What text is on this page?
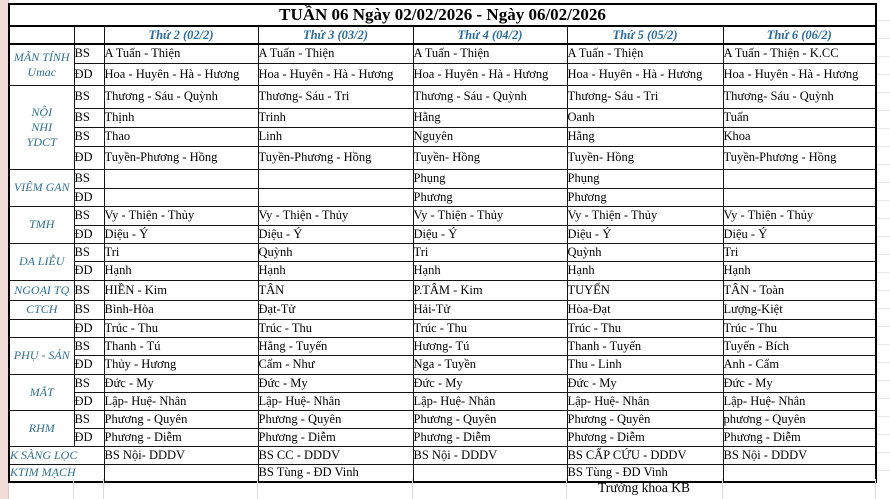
TUẦN 06 Ngày 02/02/2026 - Ngày 06/02/2026						
		Thứ 2 (02/2)	Thứ 3 (03/2)	Thứ 4 (04/2)	Thứ 5 (05/2)	Thứ 6 (06/2)

MÃN TÍNH
Umac	BS	A Tuấn - Thiện	A Tuấn - Thiện	A Tuấn - Thiện	A Tuấn - Thiện	A Tuấn - Thiện - K.CC
	ĐD	Hoa - Huyên - Hà - Hương	Hoa - Huyên - Hà - Hương	Hoa - Huyên - Hà - Hương	Hoa - Huyên - Hà - Hương	Hoa - Huyên - Hà - Hương

NỘI
NHI
YDCT	BS	Thương - Sáu - Quỳnh	Thương- Sáu - Tri	Thương - Sáu - Quỳnh	Thương- Sáu - Tri	Thương- Sáu - Quỳnh
	BS	Thịnh	Trinh	Hằng	Oanh	Tuấn
	BS	Thao	Linh	Nguyên	Hằng	Khoa
	ĐD	Tuyền-Phương - Hồng	Tuyền-Phương - Hồng	Tuyền- Hồng	Tuyền- Hồng	Tuyền-Phương - Hồng

VIÊM GAN	BS			Phụng	Phụng	
	ĐD			Phương	Phương	

TMH	BS	Vy - Thiện - Thủy	Vy - Thiện - Thủy	Vy - Thiện - Thủy	Vy - Thiện - Thủy	Vy - Thiện - Thủy
	ĐD	Diệu - Ý	Diệu - Ý	Diệu - Ý	Diệu - Ý	Diệu - Ý

DA LIỄU	BS	Tri	Quỳnh	Tri	Quỳnh	Tri
	ĐD	Hạnh	Hạnh	Hạnh	Hạnh	Hạnh

NGOẠI TQ	BS	HIỀN - Kim	TÂN	P.TÂM - Kim	TUYẾN	TÂN - Toàn

CTCH	BS	Bình-Hòa	Đạt-Tử	Hải-Tử	Hòa-Đạt	Lượng-Kiệt

	ĐD	Trúc - Thu	Trúc - Thu	Trúc - Thu	Trúc - Thu	Trúc - Thu

PHỤ - SẢN	BS	Thanh - Tú	Hằng - Tuyến	Hương- Tú	Thanh - Tuyến	Tuyến - Bích
	ĐD	Thủy - Hương	Cẩm - Như	Nga - Tuyền	Thu - Linh	Anh - Cẩm

MẮT	BS	Đức - My	Đức - My	Đức - My	Đức - My	Đức - My
	ĐD	Lập- Huệ- Nhân	Lập- Huệ- Nhân	Lập- Huệ- Nhân	Lập- Huệ- Nhân	Lập- Huệ- Nhân

RHM	BS	Phương - Quyên	Phương - Quyên	Phương - Quyên	Phương - Quyên	phương - Quyên
	ĐD	Phương - Diễm	Phương - Diễm	Phương - Diễm	Phương - Diễm	Phương - Diễm

K SÀNG LỌC		BS Nội- DDDV	BS CC - DDDV	BS Nội - DDDV	BS CẤP CỨU - DDDV	BS Nội - DDDV

KTIM MẠCH			BS Tùng - ĐD Vinh		BS Tùng - ĐD Vinh	
Trưởng khoa KB
